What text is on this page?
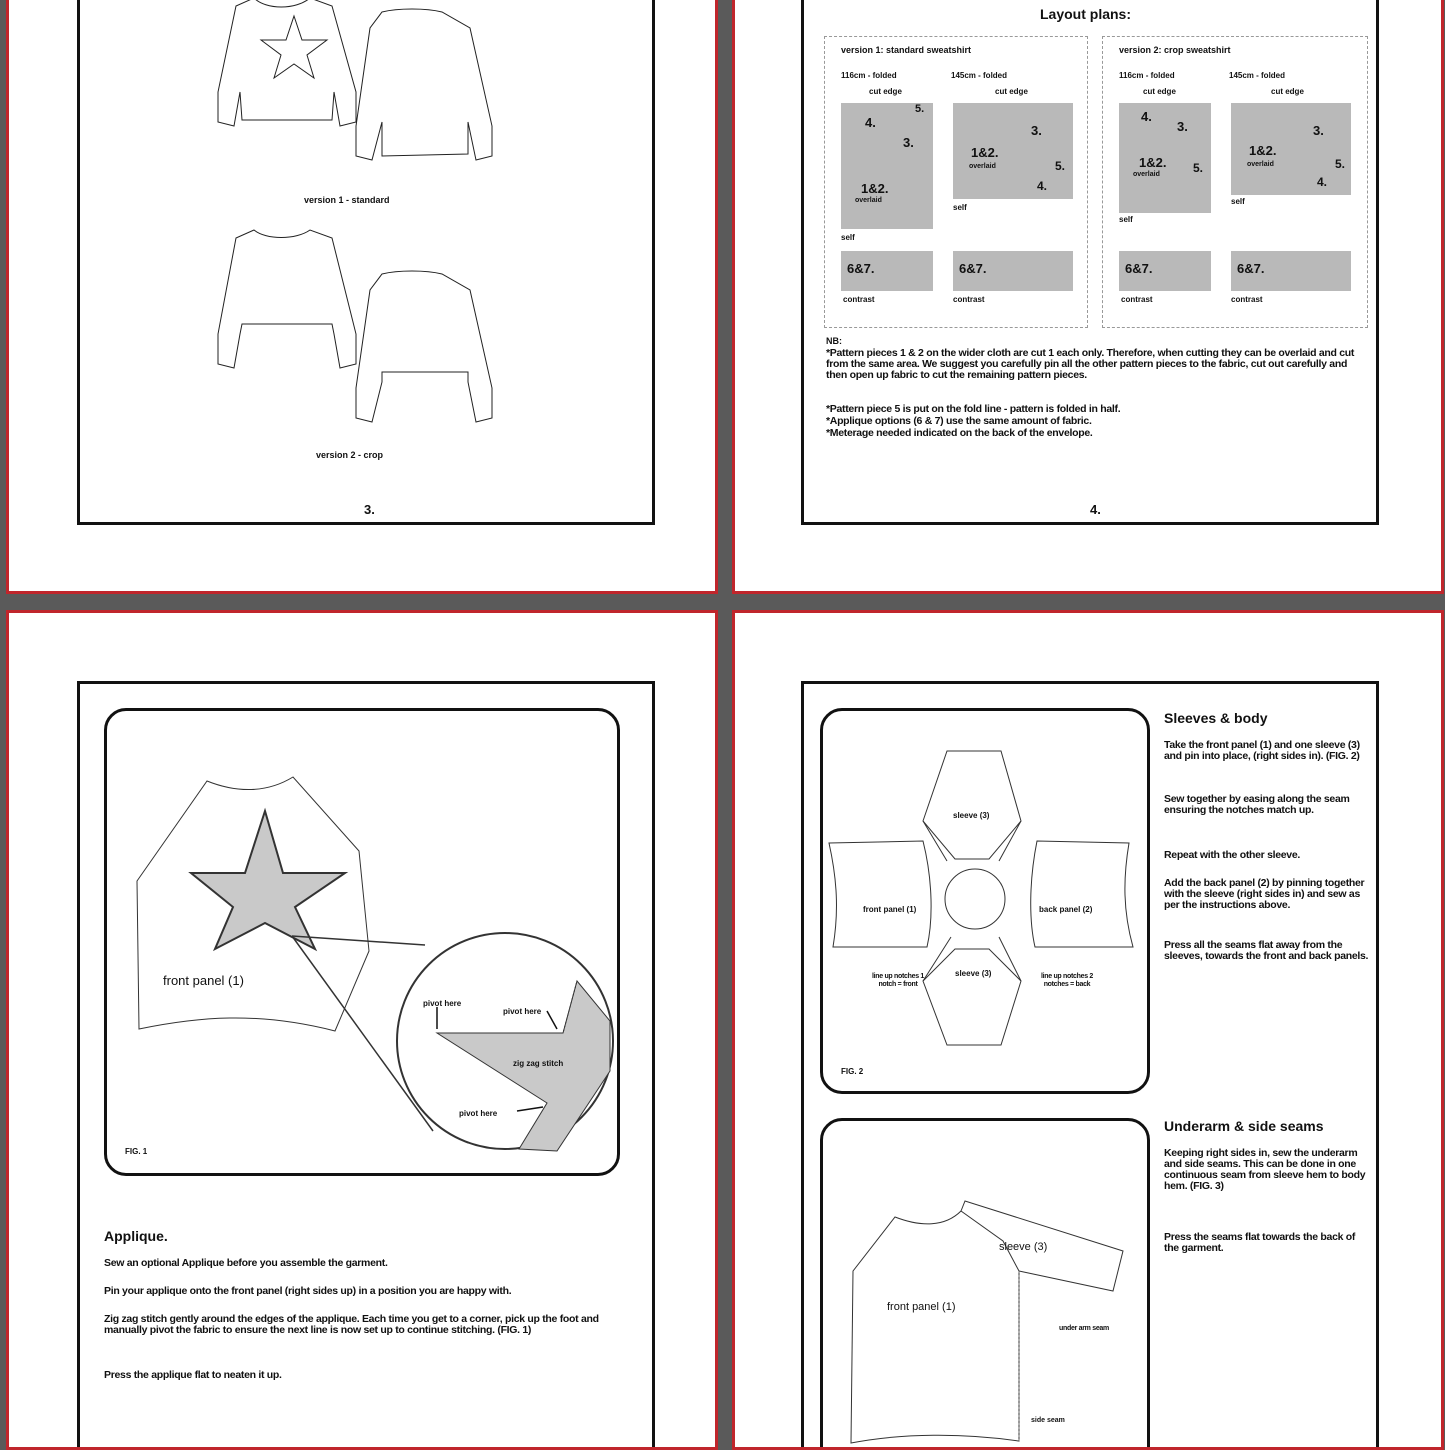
version 1 - standard
version 2 - crop
3.
Layout plans:
version 1: standard sweatshirt
116cm - folded	145cm - folded
cut edge	cut edge
4.
5.
3.
1&2.
overlaid
self
6&7.
contrast
1&2.
overlaid
3.
5.
4.
self
6&7.
contrast
version 2: crop sweatshirt
116cm - folded	145cm - folded
cut edge	cut edge
4.
3.
1&2.
overlaid	5.
self
6&7.
contrast
1&2.
overlaid
3.
5.
4.
self
6&7.
contrast
NB:
*Pattern pieces 1 & 2 on the wider cloth are cut 1 each only. Therefore, when cutting they can be overlaid and cut from the same area. We suggest you carefully pin all the other pattern pieces to the fabric, cut out carefully and then open up fabric to cut the remaining pattern pieces.
*Pattern piece 5 is put on the fold line - pattern is folded in half.
*Applique options (6 & 7) use the same amount of fabric.
*Meterage needed indicated on the back of the envelope.
4.
front panel (1)
pivot here
pivot here
zig zag stitch
pivot here
FIG. 1
Applique.
Sew an optional Applique before you assemble the garment.
Pin your applique onto the front panel (right sides up) in a position you are happy with.
Zig zag stitch gently around the edges of the applique. Each time you get to a corner, pick up the foot and manually pivot the fabric to ensure the next line is now set up to continue stitching. (FIG. 1)
Press the applique flat to neaten it up.
sleeve (3)
sleeve (3)
front panel (1)	back panel (2)
line up notches 1 notch = front
line up notches 2 notches = back
FIG. 2
sleeve (3)
front panel (1)
under arm seam
side seam
Sleeves & body
Take the front panel (1) and one sleeve (3) and pin into place, (right sides in). (FIG. 2)
Sew together by easing along the seam ensuring the notches match up.
Repeat with the other sleeve.
Add the back panel (2) by pinning together with the sleeve (right sides in) and sew as per the instructions above.
Press all the seams flat away from the sleeves, towards the front and back panels.
Underarm & side seams
Keeping right sides in, sew the underarm and side seams. This can be done in one continuous seam from sleeve hem to body hem. (FIG. 3)
Press the seams flat towards the back of the garment.
